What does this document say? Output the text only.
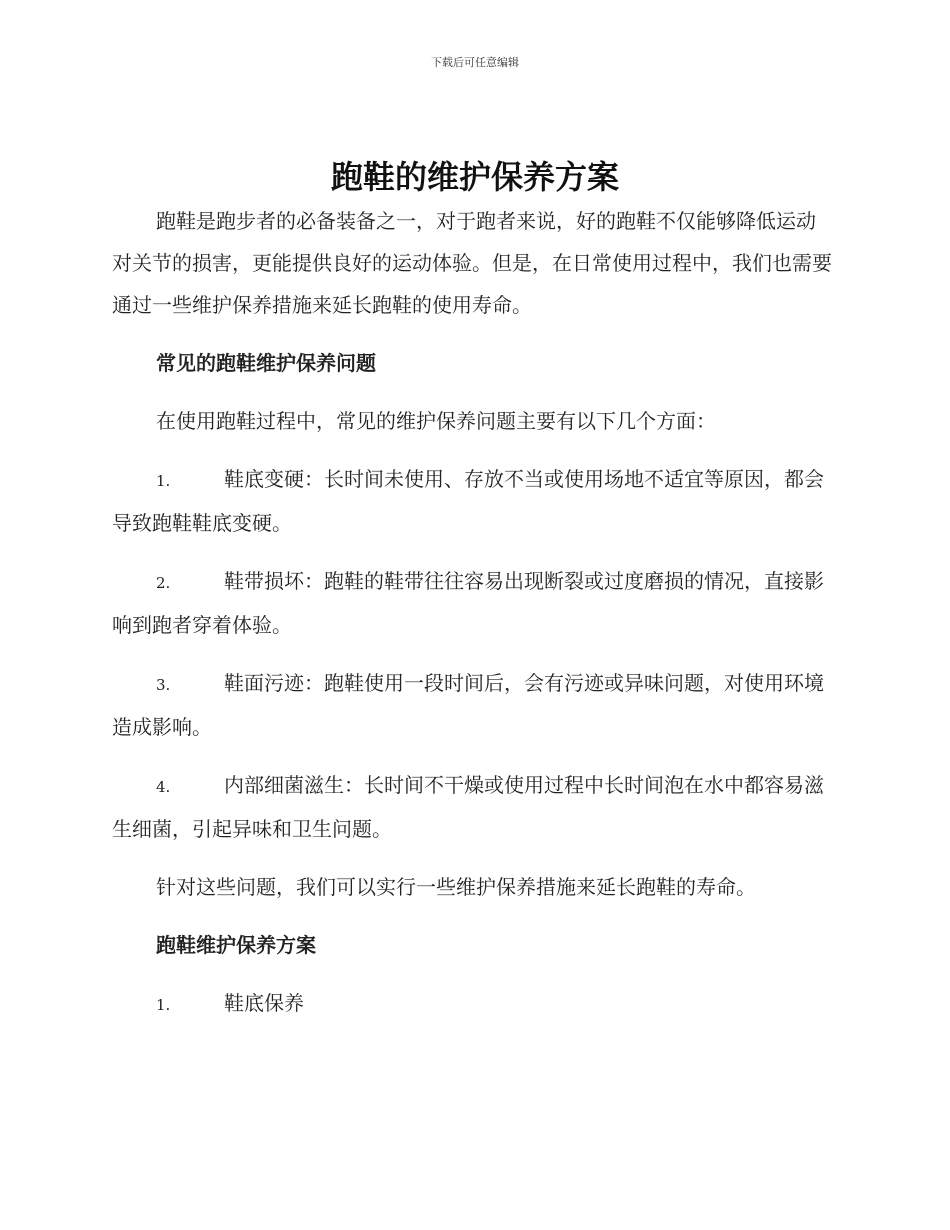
下载后可任意编辑
跑鞋的维护保养方案

跑鞋是跑步者的必备装备之一，对于跑者来说，好的跑鞋不仅能够降低运动对关节的损害，更能提供良好的运动体验。但是，在日常使用过程中，我们也需要通过一些维护保养措施来延长跑鞋的使用寿命。

常见的跑鞋维护保养问题

在使用跑鞋过程中，常见的维护保养问题主要有以下几个方面：

1.	鞋底变硬：长时间未使用、存放不当或使用场地不适宜等原因，都会导致跑鞋鞋底变硬。

2.	鞋带损坏：跑鞋的鞋带往往容易出现断裂或过度磨损的情况，直接影响到跑者穿着体验。

3.	鞋面污迹：跑鞋使用一段时间后，会有污迹或异味问题，对使用环境造成影响。

4.	内部细菌滋生：长时间不干燥或使用过程中长时间泡在水中都容易滋生细菌，引起异味和卫生问题。

针对这些问题，我们可以实行一些维护保养措施来延长跑鞋的寿命。

跑鞋维护保养方案

1.	鞋底保养
